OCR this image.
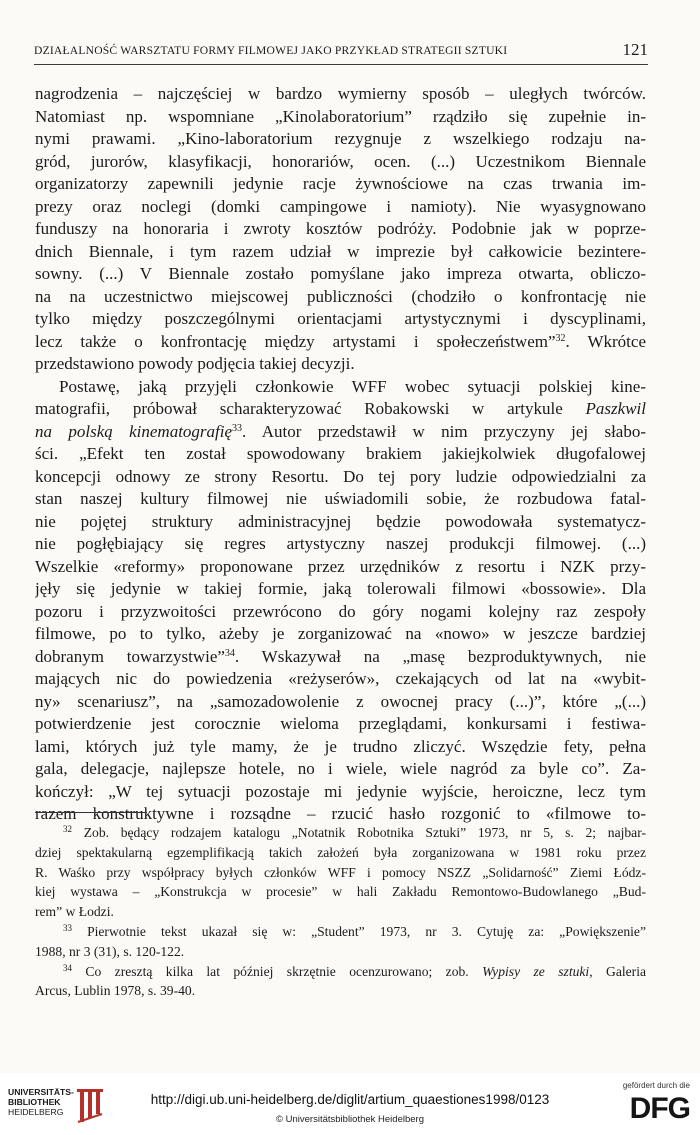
DZIAŁALNOŚĆ WARSZTATU FORMY FILMOWEJ JAKO PRZYKŁAD STRATEGII SZTUKI	121
nagrodzenia – najczęściej w bardzo wymierny sposób – uległych twórców.
Natomiast np. wspomniane „Kinolaboratorium” rządziło się zupełnie in-
nymi prawami. „Kino-laboratorium rezygnuje z wszelkiego rodzaju na-
gród, jurorów, klasyfikacji, honorariów, ocen. (...) Uczestnikom Biennale
organizatorzy zapewnili jedynie racje żywnościowe na czas trwania im-
prezy oraz noclegi (domki campingowe i namioty). Nie wyasygnowano
funduszy na honoraria i zwroty kosztów podróży. Podobnie jak w poprze-
dnich Biennale, i tym razem udział w imprezie był całkowicie bezintere-
sowny. (...) V Biennale zostało pomyślane jako impreza otwarta, obliczo-
na na uczestnictwo miejscowej publiczności (chodziło o konfrontację nie
tylko między poszczególnymi orientacjami artystycznymi i dyscyplinami,
lecz także o konfrontację między artystami i społeczeństwem”$^{32}$. Wkrótce
przedstawiono powody podjęcia takiej decyzji.
Postawę, jaką przyjęli członkowie WFF wobec sytuacji polskiej kine-
matografii, próbował scharakteryzować Robakowski w artykule Paszkwil
na polską kinematografię$^{33}$. Autor przedstawił w nim przyczyny jej słabo-
ści. „Efekt ten został spowodowany brakiem jakiejkolwiek długofalowej
koncepcji odnowy ze strony Resortu. Do tej pory ludzie odpowiedzialni za
stan naszej kultury filmowej nie uświadomili sobie, że rozbudowa fatal-
nie pojętej struktury administracyjnej będzie powodowała systematycz-
nie pogłębiający się regres artystyczny naszej produkcji filmowej. (...)
Wszelkie «reformy» proponowane przez urzędników z resortu i NZK przy-
jęły się jedynie w takiej formie, jaką tolerowali filmowi «bossowie». Dla
pozoru i przyzwoitości przewrócono do góry nogami kolejny raz zespoły
filmowe, po to tylko, ażeby je zorganizować na «nowo» w jeszcze bardziej
dobranym towarzystwie”$^{34}$. Wskazywał na „masę bezproduktywnych, nie
mających nic do powiedzenia «reżyserów», czekających od lat na «wybit-
ny» scenariusz”, na „samozadowolenie z owocnej pracy (...)”, które „(...)
potwierdzenie jest corocznie wieloma przeglądami, konkursami i festiwa-
lami, których już tyle mamy, że je trudno zliczyć. Wszędzie fety, pełna
gala, delegacje, najlepsze hotele, no i wiele, wiele nagród za byle co”. Za-
kończył: „W tej sytuacji pozostaje mi jedynie wyjście, heroiczne, lecz tym
razem konstruktywne i rozsądne – rzucić hasło rozgonić to «filmowe to-
$^{32}$ Zob. będący rodzajem katalogu „Notatnik Robotnika Sztuki” 1973, nr 5, s. 2; najbar-
dziej spektakularną egzemplifikacją takich założeń była zorganizowana w 1981 roku przez
R. Waśko przy współpracy byłych członków WFF i pomocy NSZZ „Solidarność” Ziemi Łódz-
kiej wystawa – „Konstrukcja w procesie” w hali Zakładu Remontowo-Budowlanego „Bud-
rem” w Łodzi.
$^{33}$ Pierwotnie tekst ukazał się w: „Student” 1973, nr 3. Cytuję za: „Powiększenie”
1988, nr 3 (31), s. 120-122.
$^{34}$ Co zresztą kilka lat później skrzętnie ocenzurowano; zob. Wypisy ze sztuki, Galeria
Arcus, Lublin 1978, s. 39-40.
UNIVERSITÄTS-
BIBLIOTHEK
HEIDELBERG
http://digi.ub.uni-heidelberg.de/diglit/artium_quaestiones1998/0123
© Universitätsbibliothek Heidelberg
gefördert durch die
DFG
